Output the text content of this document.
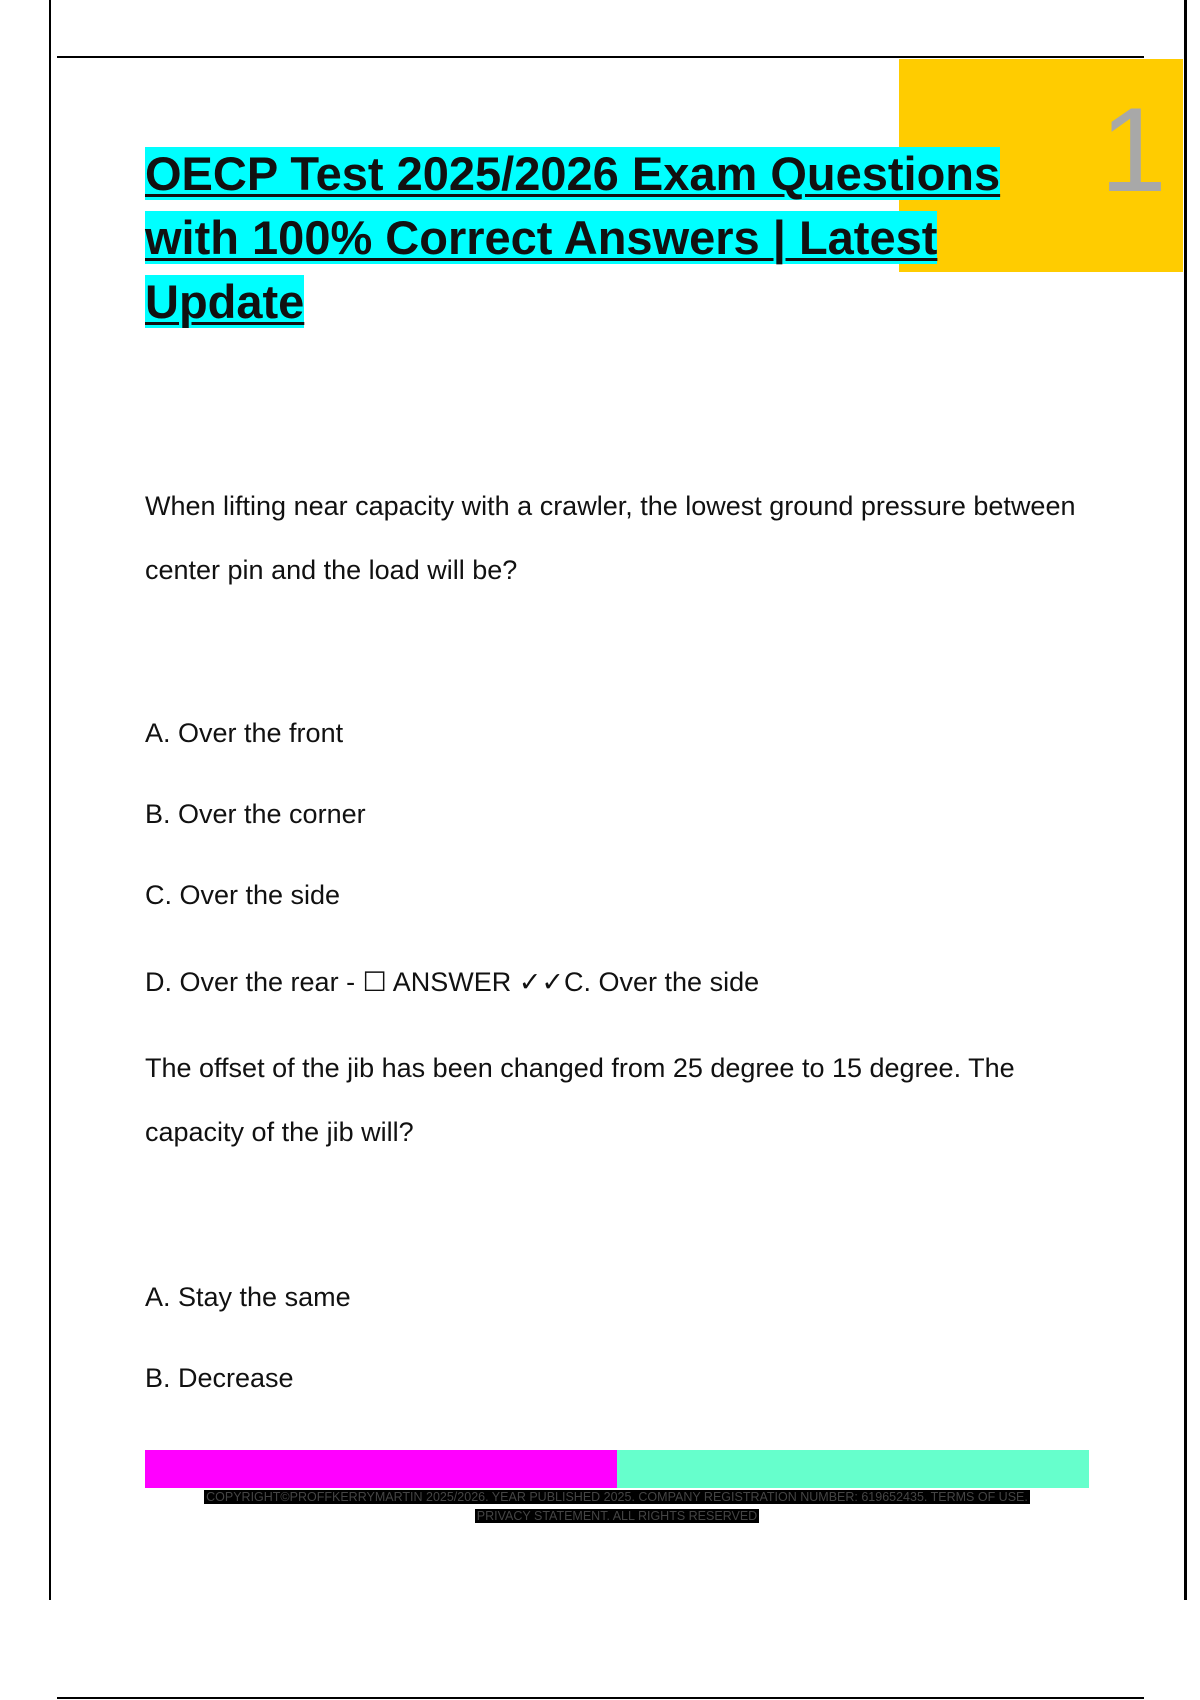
1
OECP Test 2025/2026 Exam Questions with 100% Correct Answers | Latest Update

When lifting near capacity with a crawler, the lowest ground pressure between center pin and the load will be?

A. Over the front

B. Over the corner

C. Over the side

D. Over the rear - ☐ ANSWER ✓✓C. Over the side

The offset of the jib has been changed from 25 degree to 15 degree. The capacity of the jib will?

A. Stay the same

B. Decrease

COPYRIGHT©PROFFKERRYMARTIN 2025/2026. YEAR PUBLISHED 2025. COMPANY REGISTRATION NUMBER: 619652435. TERMS OF USE.
PRIVACY STATEMENT. ALL RIGHTS RESERVED
